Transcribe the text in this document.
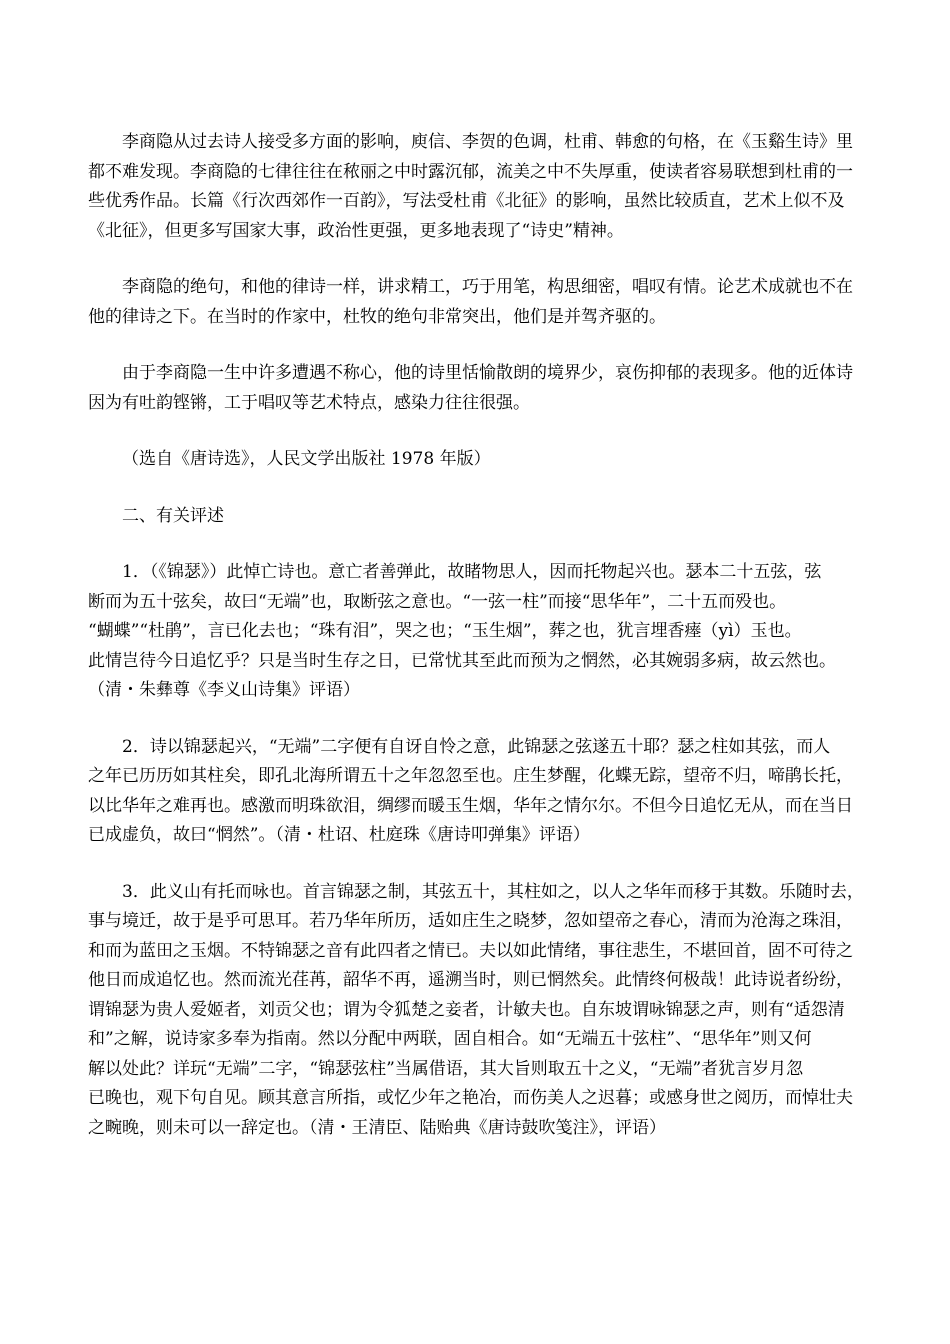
李商隐从过去诗人接受多方面的影响，庾信、李贺的色调，杜甫、韩愈的句格，在《玉谿生诗》里
都不难发现。李商隐的七律往往在秾丽之中时露沉郁，流美之中不失厚重，使读者容易联想到杜甫的一
些优秀作品。长篇《行次西郊作一百韵》，写法受杜甫《北征》的影响，虽然比较质直，艺术上似不及
《北征》，但更多写国家大事，政治性更强，更多地表现了“诗史”精神。
李商隐的绝句，和他的律诗一样，讲求精工，巧于用笔，构思细密，唱叹有情。论艺术成就也不在
他的律诗之下。在当时的作家中，杜牧的绝句非常突出，他们是并驾齐驱的。
由于李商隐一生中许多遭遇不称心，他的诗里恬愉散朗的境界少，哀伤抑郁的表现多。他的近体诗
因为有吐韵铿锵，工于唱叹等艺术特点，感染力往往很强。

（选自《唐诗选》，人民文学出版社 1978 年版）

二、有关评述

1．（《锦瑟》）此悼亡诗也。意亡者善弹此，故睹物思人，因而托物起兴也。瑟本二十五弦，弦
断而为五十弦矣，故曰“无端”也，取断弦之意也。“一弦一柱”而接“思华年”，二十五而殁也。
“蝴蝶”“杜鹃”，言已化去也；“珠有泪”，哭之也；“玉生烟”，葬之也，犹言埋香瘗（yì）玉也。
此情岂待今日追忆乎？只是当时生存之日，已常忧其至此而预为之惘然，必其婉弱多病，故云然也。
（清・朱彝尊《李义山诗集》评语）
2．诗以锦瑟起兴，“无端”二字便有自讶自怜之意，此锦瑟之弦遂五十耶？瑟之柱如其弦，而人
之年已历历如其柱矣，即孔北海所谓五十之年忽忽至也。庄生梦醒，化蝶无踪，望帝不归，啼鹃长托，
以比华年之难再也。感激而明珠欲泪，绸缪而暖玉生烟，华年之情尔尔。不但今日追忆无从，而在当日
已成虚负，故曰“惘然”。（清・杜诏、杜庭珠《唐诗叩弹集》评语）
3．此义山有托而咏也。首言锦瑟之制，其弦五十，其柱如之，以人之华年而移于其数。乐随时去，
事与境迁，故于是乎可思耳。若乃华年所历，适如庄生之晓梦，忽如望帝之春心，清而为沧海之珠泪，
和而为蓝田之玉烟。不特锦瑟之音有此四者之情已。夫以如此情绪，事往悲生，不堪回首，固不可待之
他日而成追忆也。然而流光荏苒，韶华不再，遥溯当时，则已惘然矣。此情终何极哉！此诗说者纷纷，
谓锦瑟为贵人爱姬者，刘贡父也；谓为令狐楚之妾者，计敏夫也。自东坡谓咏锦瑟之声，则有“适怨清
和”之解，说诗家多奉为指南。然以分配中两联，固自相合。如“无端五十弦柱”、“思华年”则又何
解以处此？详玩“无端”二字，“锦瑟弦柱”当属借语，其大旨则取五十之义，“无端”者犹言岁月忽
已晚也，观下句自见。顾其意言所指，或忆少年之艳冶，而伤美人之迟暮；或感身世之阅历，而悼壮夫
之畹晚，则未可以一辞定也。（清・王清臣、陆贻典《唐诗鼓吹笺注》，评语）
